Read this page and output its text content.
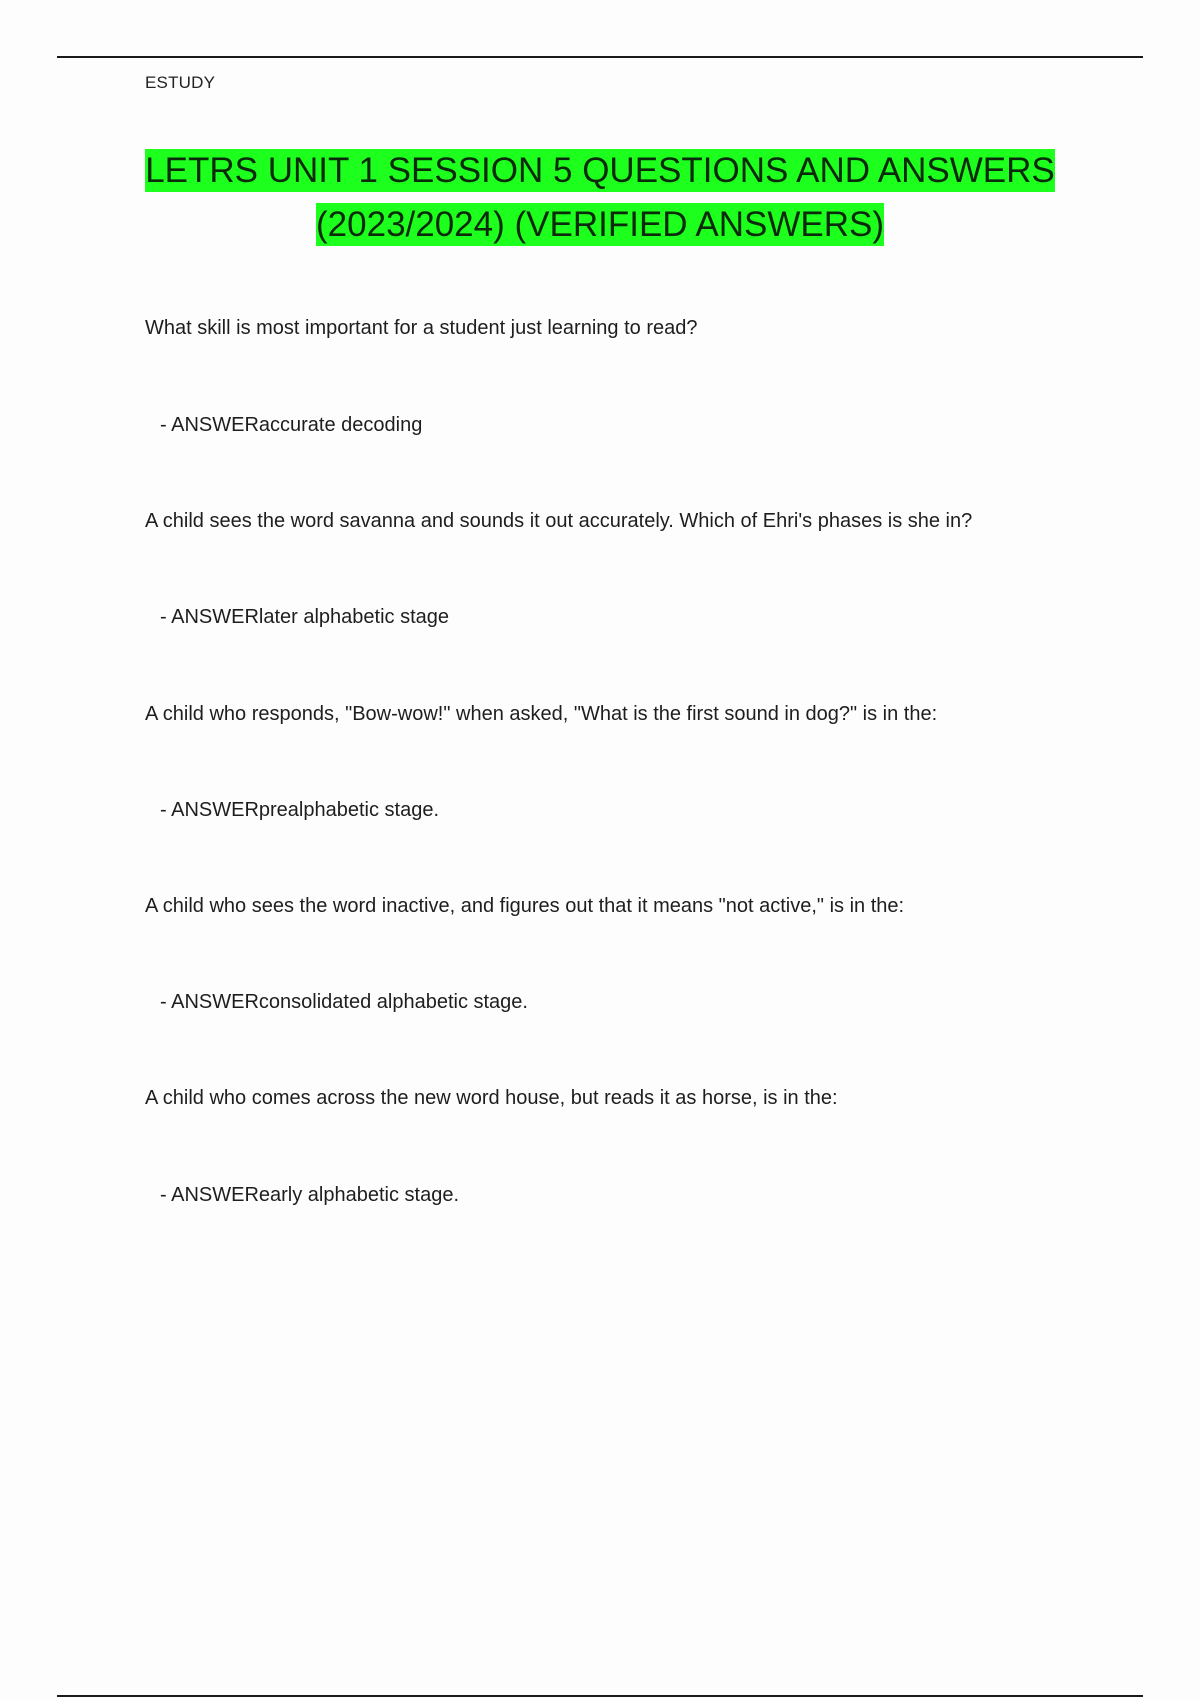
ESTUDY
LETRS UNIT 1 SESSION 5 QUESTIONS AND ANSWERS
(2023/2024) (VERIFIED ANSWERS)
What skill is most important for a student just learning to read?
- ANSWERaccurate decoding
A child sees the word savanna and sounds it out accurately. Which of Ehri's phases is she in?
- ANSWERlater alphabetic stage
A child who responds, "Bow-wow!" when asked, "What is the first sound in dog?" is in the:
- ANSWERprealphabetic stage.
A child who sees the word inactive, and figures out that it means "not active," is in the:
- ANSWERconsolidated alphabetic stage.
A child who comes across the new word house, but reads it as horse, is in the:
- ANSWERearly alphabetic stage.
